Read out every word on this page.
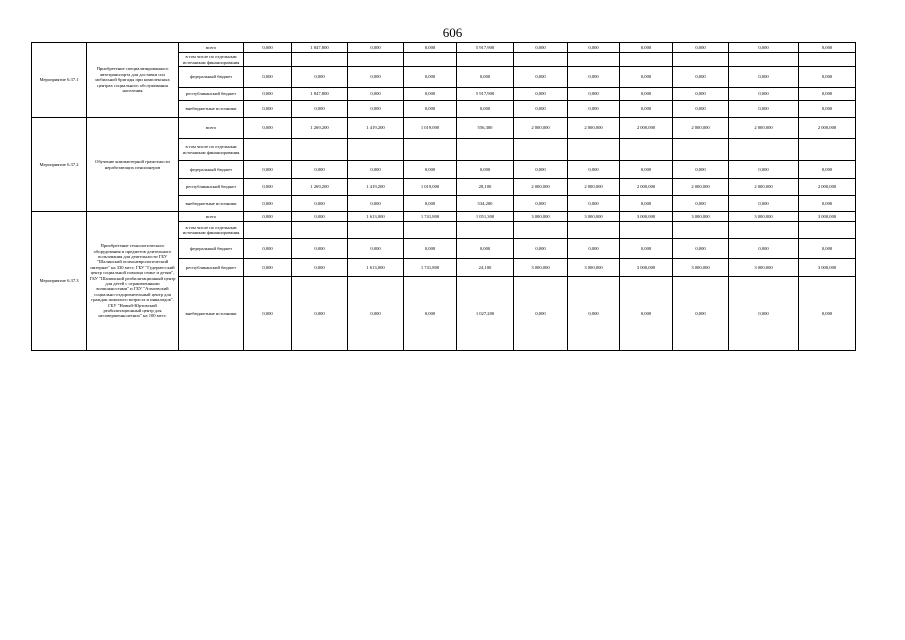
606
Мероприятие 6.37.1	Приобретение специализированного автотранспорта для доставки сил мобильной бригады при комплексных центрах социального обслуживания населения	всего	0,000	1 847,800	0,000	0,000	5 917,900	0,000	0,000	0,000	0,000	0,000	0,000
		в том числе по отдельным источникам финансирования											
		федеральный бюджет	0,000	0,000	0,000	0,000	0,000	0,000	0,000	0,000	0,000	0,000	0,000
		республиканский бюджет	0,000	1 847,800	0,000	0,000	5 917,900	0,000	0,000	0,000	0,000	0,000	0,000
		внебюджетные источники	0,000	0,000	0,000	0,000	0,000	0,000	0,000	0,000	0,000	0,000	0,000
Мероприятие 6.37.2	Обучение компьютерной грамотности неработающих пенсионеров	всего	0,000	1 269,200	1 419,200	1 019,000	556,300	2 000,000	2 000,000	2 000,000	2 000,000	2 000,000	2 000,000
		в том числе по отдельным источникам финансирования											
		федеральный бюджет	0,000	0,000	0,000	0,000	0,000	0,000	0,000	0,000	0,000	0,000	0,000
		республиканский бюджет	0,000	1 269,200	1 419,200	1 019,000	28,100	2 000,000	2 000,000	2 000,000	2 000,000	2 000,000	2 000,000
		внебюджетные источники	0,000	0,000	0,000	0,000	534,200	0,000	0,000	0,000	0,000	0,000	0,000
Мероприятие 6.37.3	Приобретение технологического оборудования и предметов длительного пользования для деятельности ГБУ "Шалинский психоневрологический интернат" на 330 мест, ГБУ "Гудермесский центр социальной помощи семье и детям", ГБУ "Шалинский реабилитационный центр для детей с ограниченными возможностями" и ГБУ "Ачхоевский социально-оздоровительный центр для граждан пожилого возраста и инвалидов", ГБУ "Новый-Юртовский реабилитационный центр для несовершеннолетних" на 100 мест.	всего	0,000	0,000	1 613,000	1 741,800	1 051,300	3 000,000	3 000,000	3 000,000	3 000,000	3 000,000	3 000,000
		в том числе по отдельным источникам финансирования											
		федеральный бюджет	0,000	0,000	0,000	0,000	0,000	0,000	0,000	0,000	0,000	0,000	0,000
		республиканский бюджет	0,000	0,000	1 613,000	1 741,800	24,100	3 000,000	3 000,000	3 000,000	3 000,000	3 000,000	3 000,000
		внебюджетные источники	0,000	0,000	0,000	0,000	1 027,200	0,000	0,000	0,000	0,000	0,000	0,000
